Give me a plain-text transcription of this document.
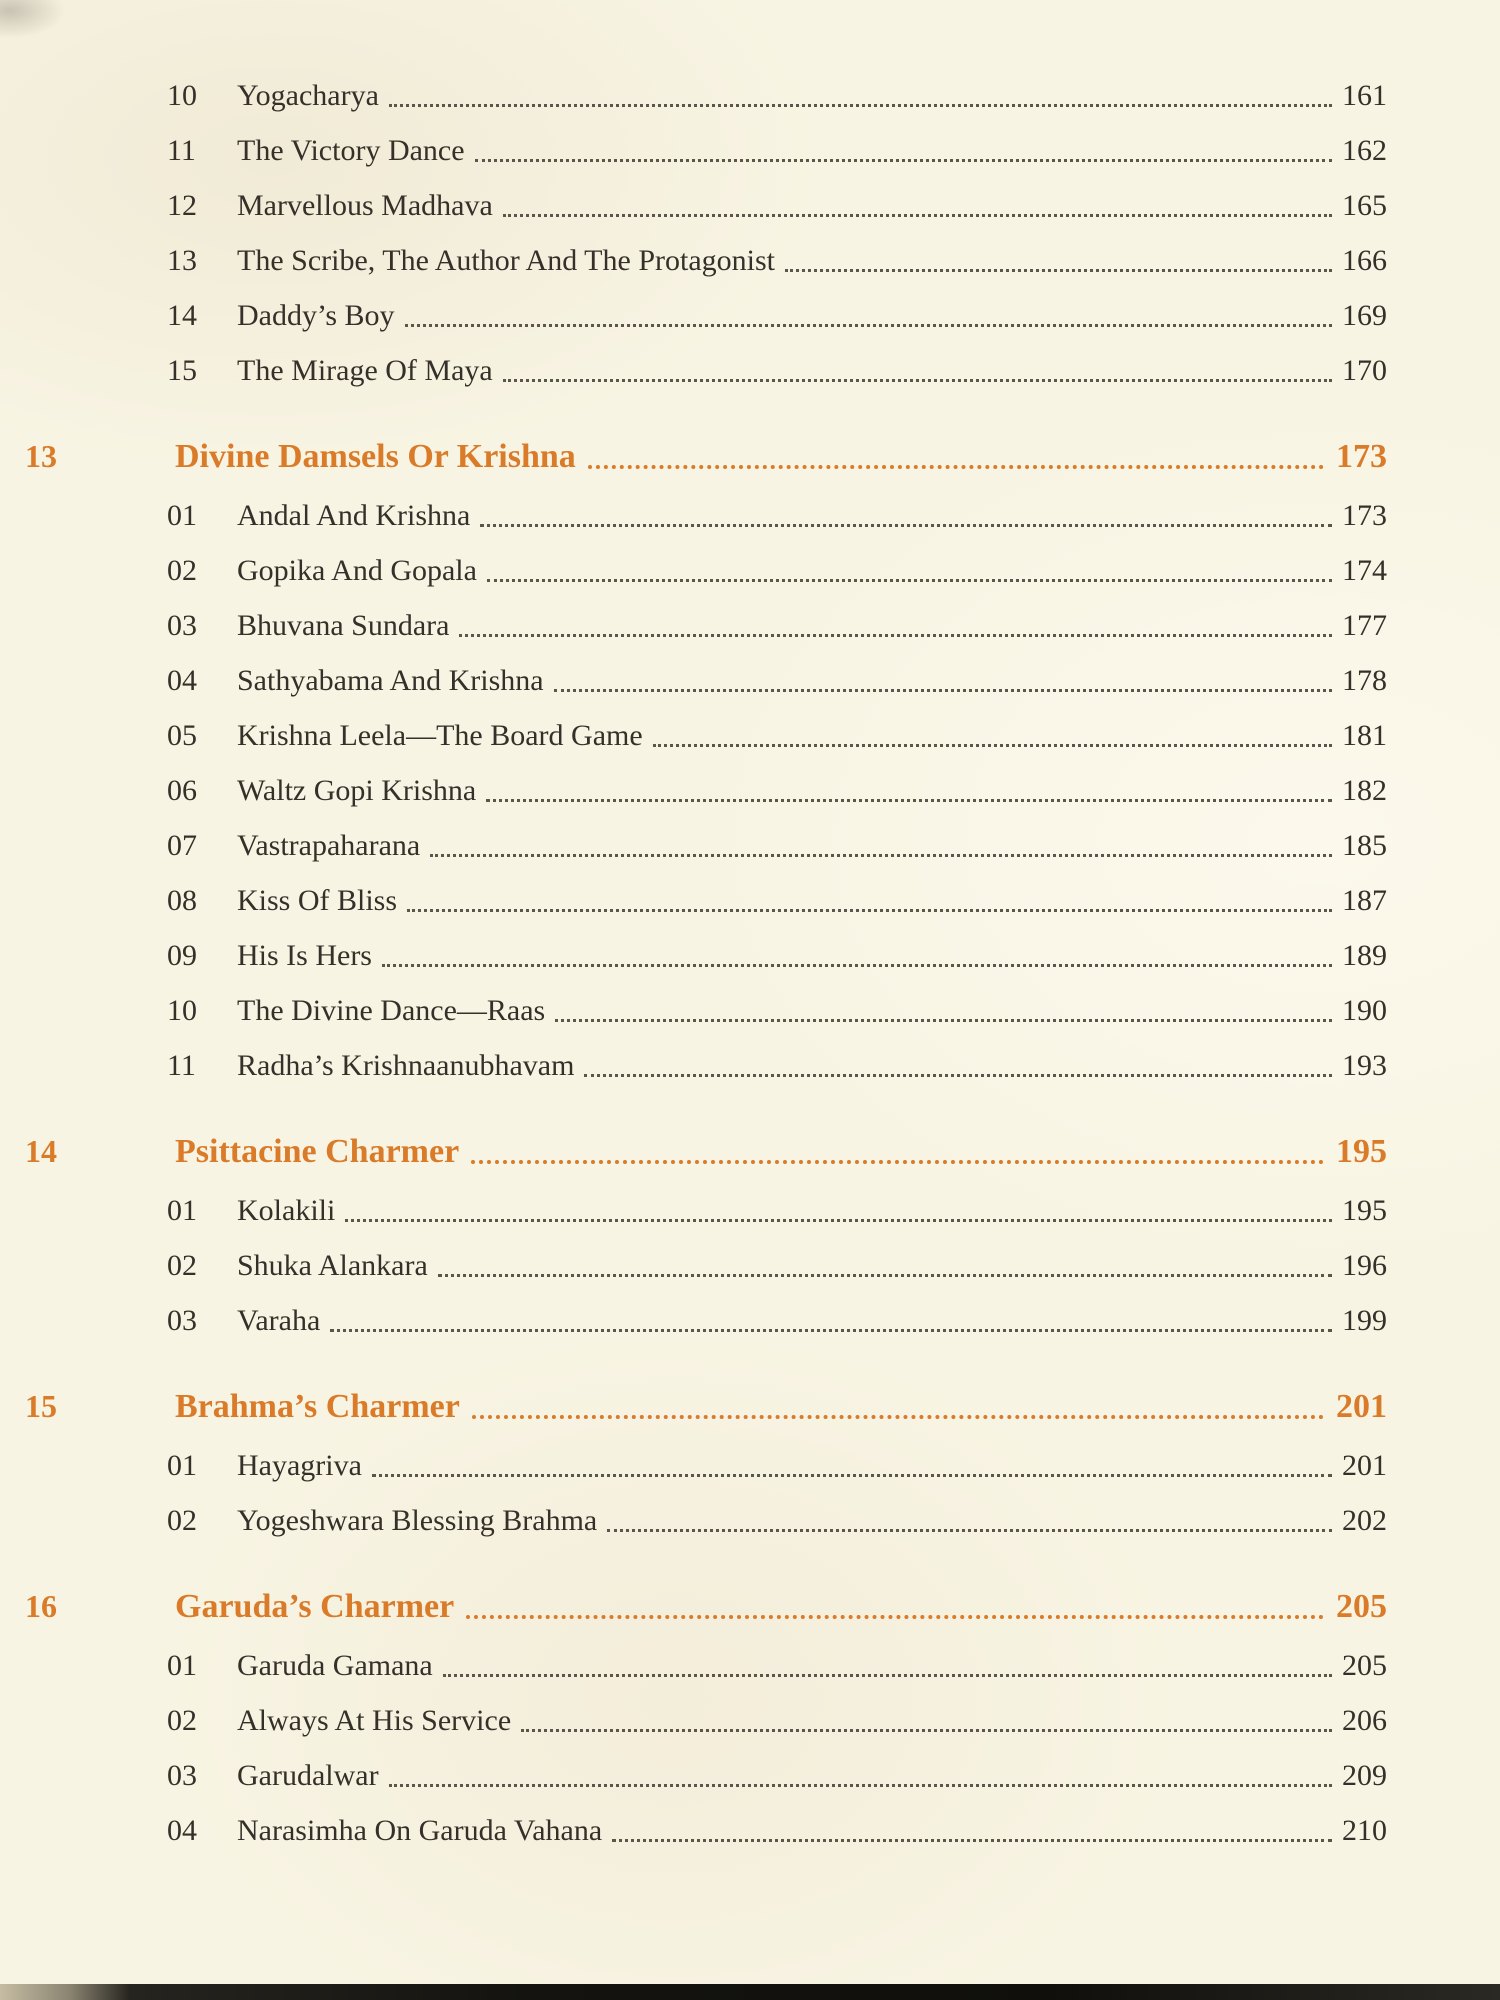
10	Yogacharya	161
11	The Victory Dance	162
12	Marvellous Madhava	165
13	The Scribe, The Author And The Protagonist	166
14	Daddy’s Boy	169
15	The Mirage Of Maya	170
13	Divine Damsels Or Krishna	173
01	Andal And Krishna	173
02	Gopika And Gopala	174
03	Bhuvana Sundara	177
04	Sathyabama And Krishna	178
05	Krishna Leela—The Board Game	181
06	Waltz Gopi Krishna	182
07	Vastrapaharana	185
08	Kiss Of Bliss	187
09	His Is Hers	189
10	The Divine Dance—Raas	190
11	Radha’s Krishnaanubhavam	193
14	Psittacine Charmer	195
01	Kolakili	195
02	Shuka Alankara	196
03	Varaha	199
15	Brahma’s Charmer	201
01	Hayagriva	201
02	Yogeshwara Blessing Brahma	202
16	Garuda’s Charmer	205
01	Garuda Gamana	205
02	Always At His Service	206
03	Garudalwar	209
04	Narasimha On Garuda Vahana	210
